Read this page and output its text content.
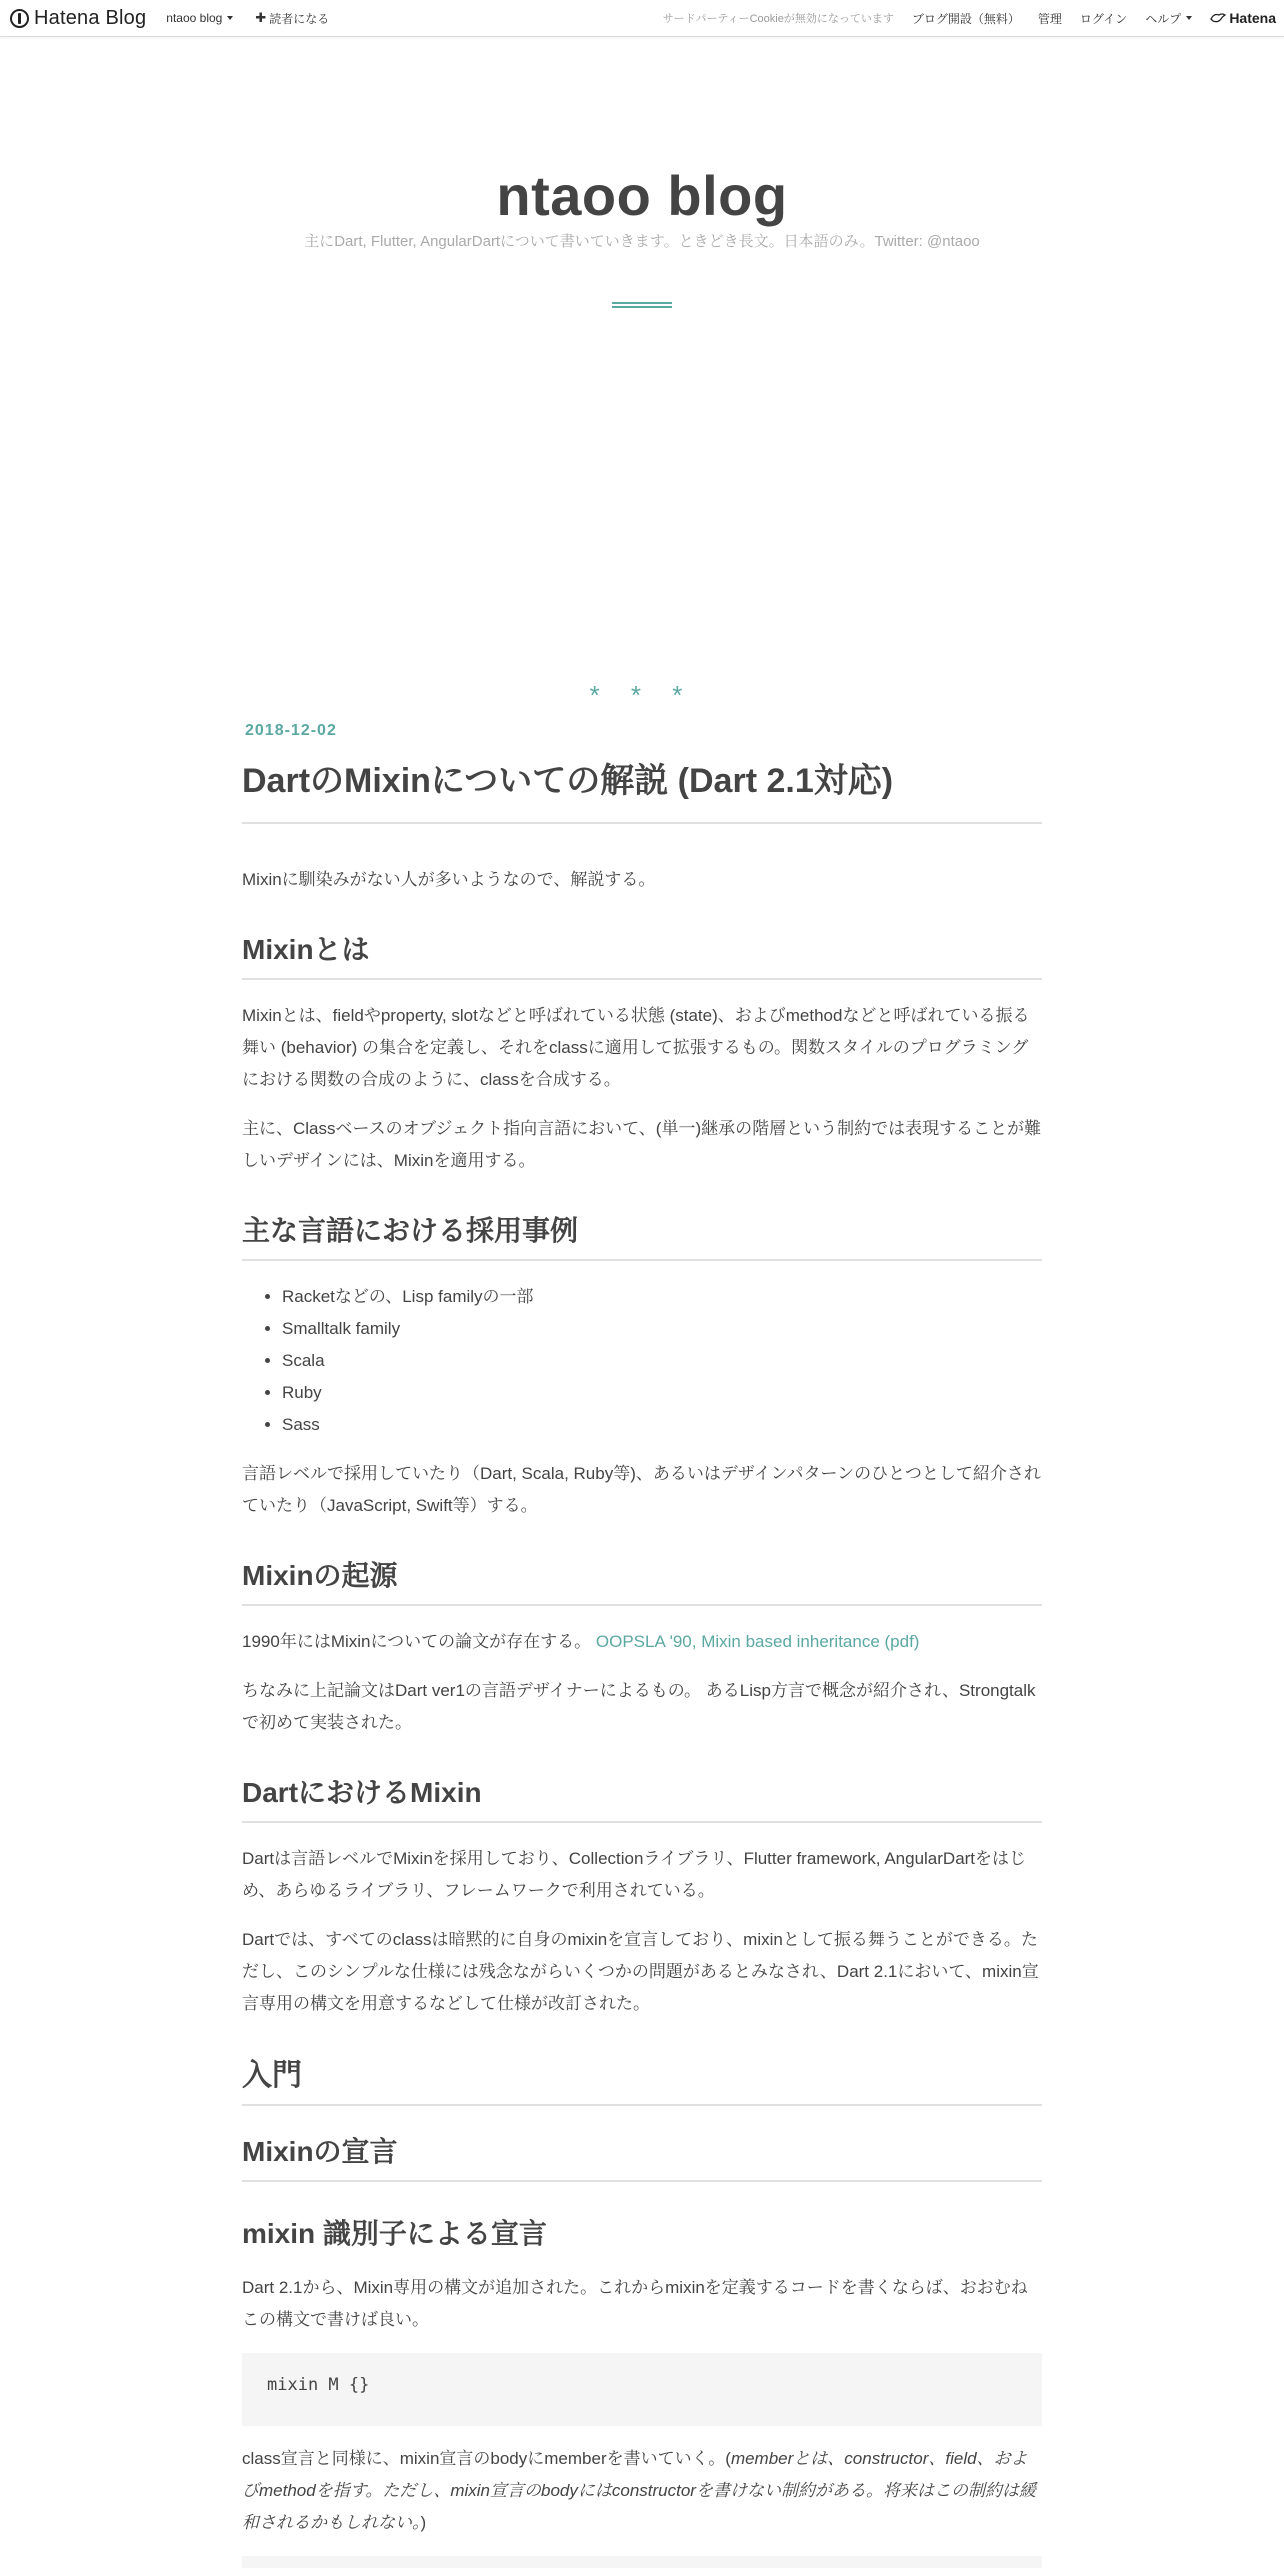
Hatena Blog ntaoo blog	✚ 読者になる	サードパーティーCookieが無効になっています ブログ開設（無料） 管理 ログイン ヘルプ	Hatena
ntaoo blog
主にDart, Flutter, AngularDartについて書いていきます。ときどき長文。日本語のみ。Twitter: @ntaoo
* * *
2018-12-02
DartのMixinについての解説 (Dart 2.1対応)

Mixinに馴染みがない人が多いようなので、解説する。

Mixinとは

Mixinとは、fieldやproperty, slotなどと呼ばれている状態 (state)、およびmethodなどと呼ばれている振る舞い (behavior) の集合を定義し、それをclassに適用して拡張するもの。関数スタイルのプログラミングにおける関数の合成のように、classを合成する。

主に、Classベースのオブジェクト指向言語において、(単一)継承の階層という制約では表現することが難しいデザインには、Mixinを適用する。

主な言語における採用事例
• Racketなどの、Lisp familyの一部
• Smalltalk family
• Scala
• Ruby
• Sass

言語レベルで採用していたり（Dart, Scala, Ruby等)、あるいはデザインパターンのひとつとして紹介されていたり（JavaScript, Swift等）する。

Mixinの起源

1990年にはMixinについての論文が存在する。 OOPSLA '90, Mixin based inheritance (pdf)

ちなみに上記論文はDart ver1の言語デザイナーによるもの。 あるLisp方言で概念が紹介され、Strongtalkで初めて実装された。

DartにおけるMixin

Dartは言語レベルでMixinを採用しており、Collectionライブラリ、Flutter framework, AngularDartをはじめ、あらゆるライブラリ、フレームワークで利用されている。

Dartでは、すべてのclassは暗黙的に自身のmixinを宣言しており、mixinとして振る舞うことができる。ただし、このシンプルな仕様には残念ながらいくつかの問題があるとみなされ、Dart 2.1において、mixin宣言専用の構文を用意するなどして仕様が改訂された。

入門
Mixinの宣言
mixin 識別子による宣言

Dart 2.1から、Mixin専用の構文が追加された。これからmixinを定義するコードを書くならば、おおむねこの構文で書けば良い。

mixin M {}

class宣言と同様に、mixin宣言のbodyにmemberを書いていく。(memberとは、constructor、field、およびmethodを指す。ただし、mixin宣言のbodyにはconstructorを書けない制約がある。将来はこの制約は緩和されるかもしれない。)
